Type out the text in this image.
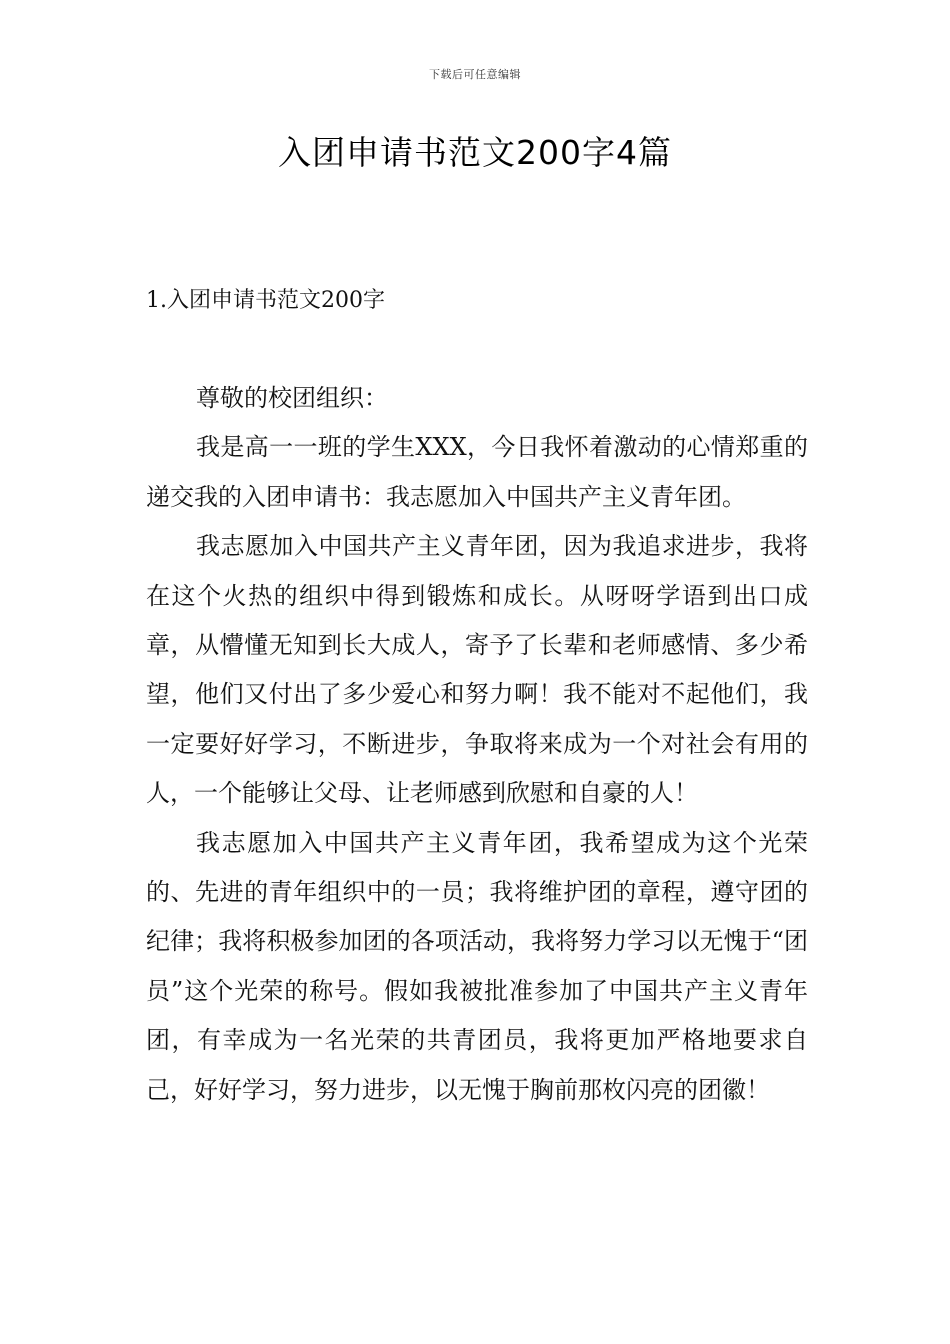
下载后可任意编辑
入团申请书范文200字4篇
1.入团申请书范文200字

尊敬的校团组织：

我是高一一班的学生XXX，今日我怀着激动的心情郑重的递交我的入团申请书：我志愿加入中国共产主义青年团。

我志愿加入中国共产主义青年团，因为我追求进步，我将在这个火热的组织中得到锻炼和成长。从呀呀学语到出口成章，从懵懂无知到长大成人，寄予了长辈和老师感情、多少希望，他们又付出了多少爱心和努力啊！我不能对不起他们，我一定要好好学习，不断进步，争取将来成为一个对社会有用的人，一个能够让父母、让老师感到欣慰和自豪的人！

我志愿加入中国共产主义青年团，我希望成为这个光荣的、先进的青年组织中的一员；我将维护团的章程，遵守团的纪律；我将积极参加团的各项活动，我将努力学习以无愧于“团员”这个光荣的称号。假如我被批准参加了中国共产主义青年团，有幸成为一名光荣的共青团员，我将更加严格地要求自己，好好学习，努力进步，以无愧于胸前那枚闪亮的团徽！
